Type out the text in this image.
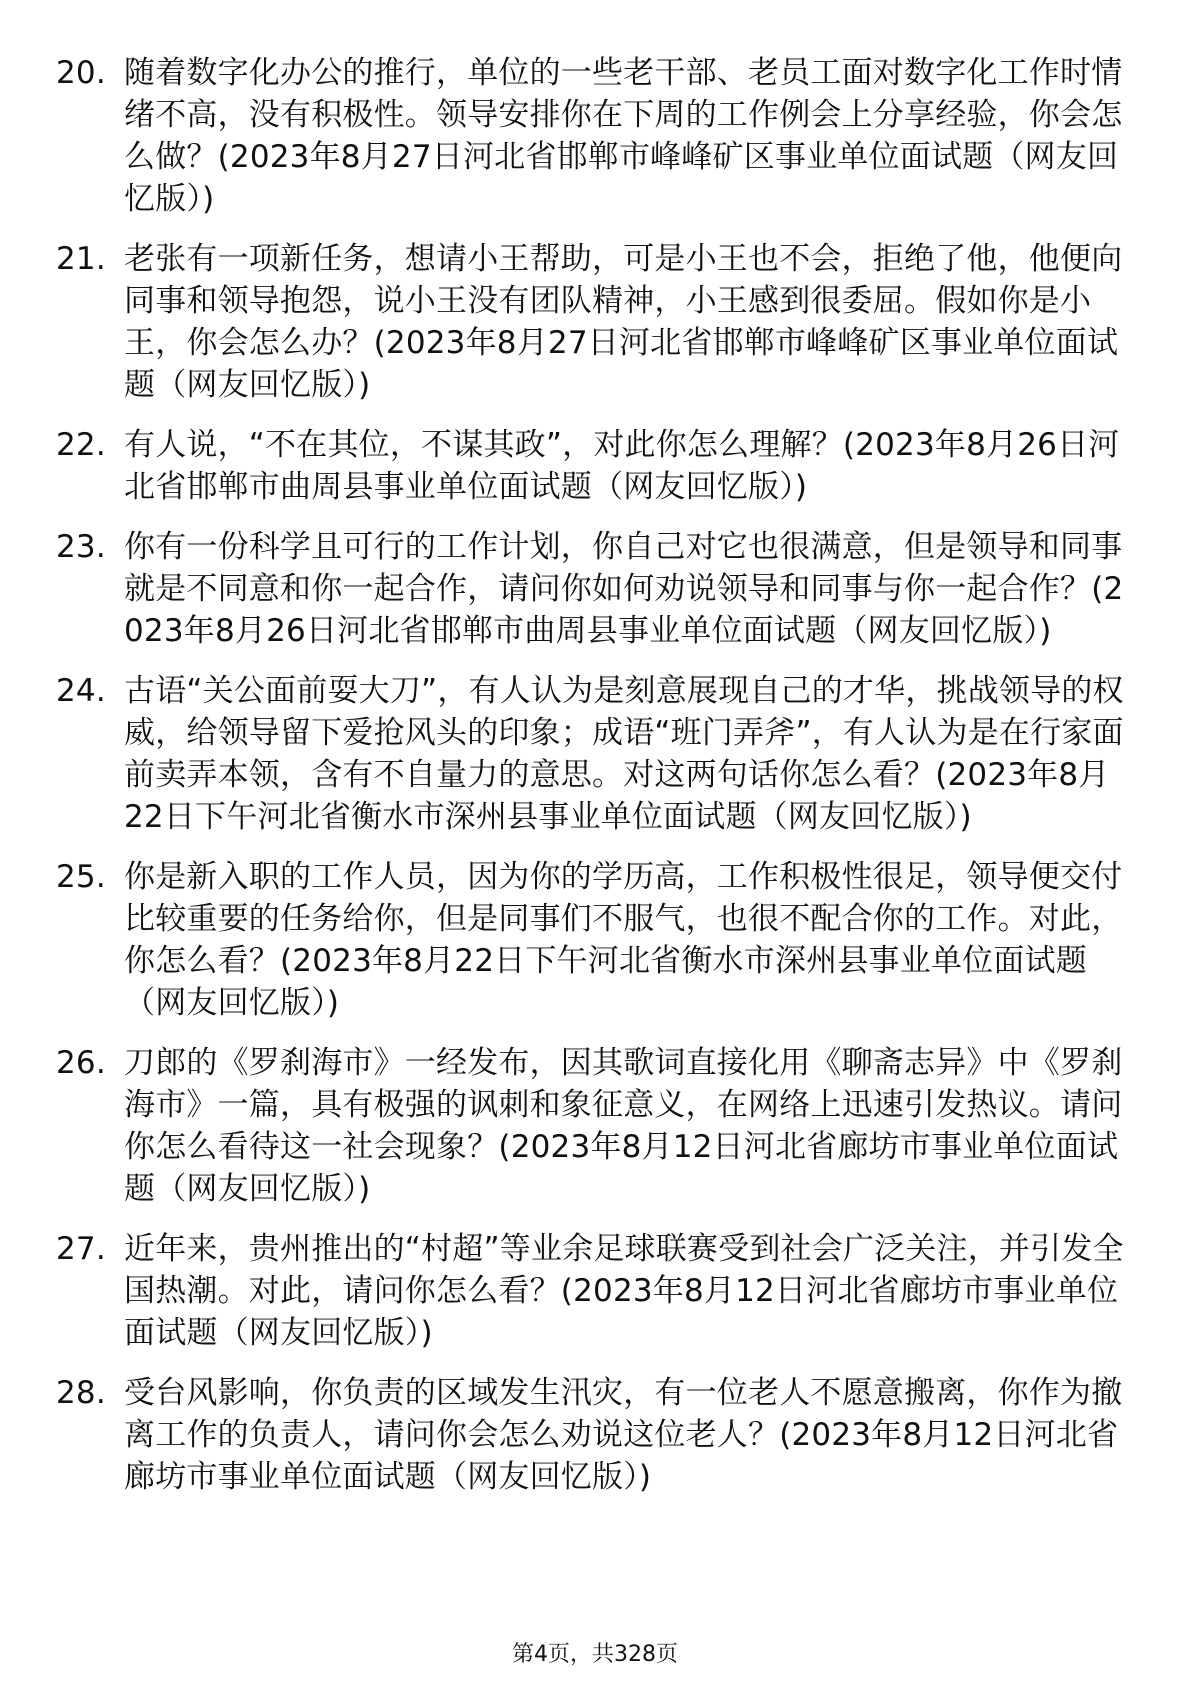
20. 随着数字化办公的推行，单位的一些老干部、老员工面对数字化工作时情绪不高，没有积极性。领导安排你在下周的工作例会上分享经验，你会怎么做？(2023年8月27日河北省邯郸市峰峰矿区事业单位面试题（网友回忆版）)
21. 老张有一项新任务，想请小王帮助，可是小王也不会，拒绝了他，他便向同事和领导抱怨，说小王没有团队精神，小王感到很委屈。假如你是小王，你会怎么办？(2023年8月27日河北省邯郸市峰峰矿区事业单位面试题（网友回忆版）)
22. 有人说，“不在其位，不谋其政”，对此你怎么理解？(2023年8月26日河北省邯郸市曲周县事业单位面试题（网友回忆版）)
23. 你有一份科学且可行的工作计划，你自己对它也很满意，但是领导和同事就是不同意和你一起合作，请问你如何劝说领导和同事与你一起合作？(2023年8月26日河北省邯郸市曲周县事业单位面试题（网友回忆版）)
24. 古语“关公面前耍大刀”，有人认为是刻意展现自己的才华，挑战领导的权威，给领导留下爱抢风头的印象；成语“班门弄斧”，有人认为是在行家面前卖弄本领，含有不自量力的意思。对这两句话你怎么看？(2023年8月22日下午河北省衡水市深州县事业单位面试题（网友回忆版）)
25. 你是新入职的工作人员，因为你的学历高，工作积极性很足，领导便交付比较重要的任务给你，但是同事们不服气，也很不配合你的工作。对此，你怎么看？(2023年8月22日下午河北省衡水市深州县事业单位面试题（网友回忆版）)
26. 刀郎的《罗刹海市》一经发布，因其歌词直接化用《聊斋志异》中《罗刹海市》一篇，具有极强的讽刺和象征意义，在网络上迅速引发热议。请问你怎么看待这一社会现象？(2023年8月12日河北省廊坊市事业单位面试题（网友回忆版）)
27. 近年来，贵州推出的“村超”等业余足球联赛受到社会广泛关注，并引发全国热潮。对此，请问你怎么看？(2023年8月12日河北省廊坊市事业单位面试题（网友回忆版）)
28. 受台风影响，你负责的区域发生汛灾，有一位老人不愿意搬离，你作为撤离工作的负责人，请问你会怎么劝说这位老人？(2023年8月12日河北省廊坊市事业单位面试题（网友回忆版）)
第4页，共328页
